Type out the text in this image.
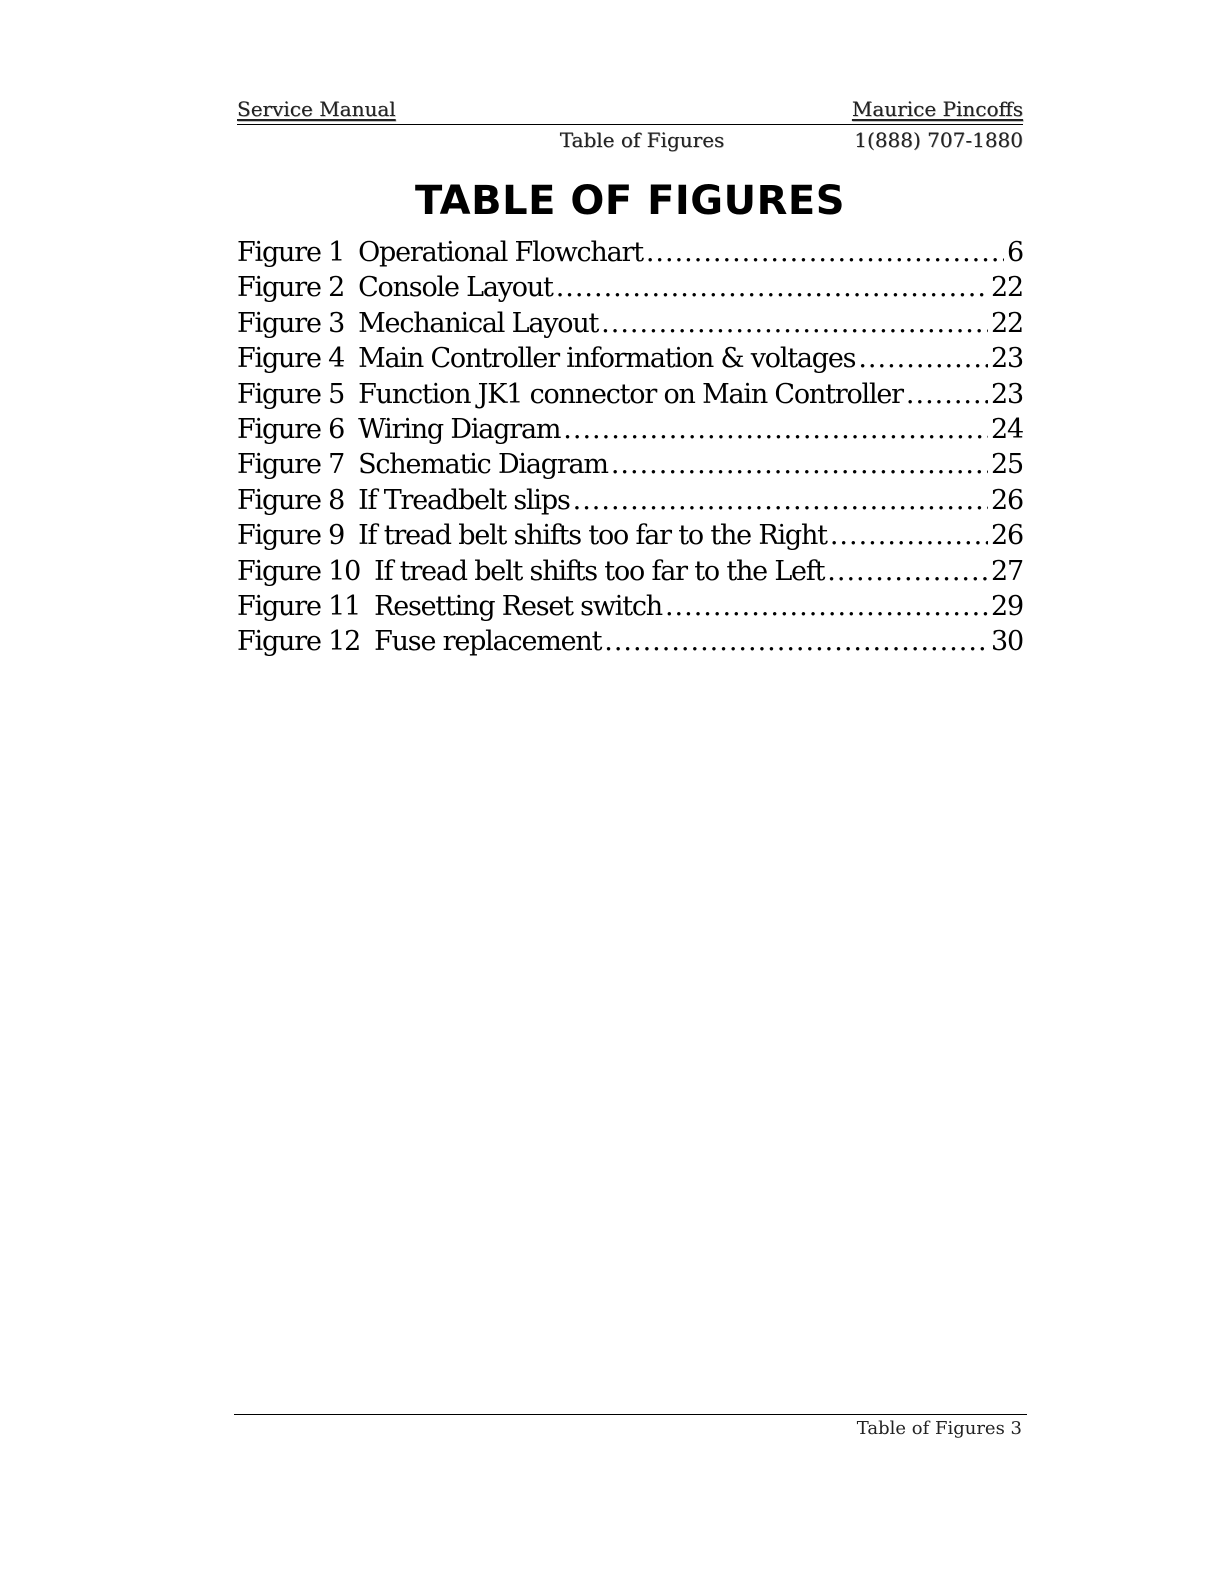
Service Manual	Maurice Pincoffs
Table of Figures	1(888) 707-1880
TABLE OF FIGURES
Figure 1 Operational Flowchart .....	6
Figure 2 Console Layout .....	22
Figure 3 Mechanical Layout .....	22
Figure 4 Main Controller information & voltages .....	23
Figure 5 Function JK1 connector on Main Controller .....	23
Figure 6 Wiring Diagram .....	24
Figure 7 Schematic Diagram .....	25
Figure 8 If Treadbelt slips .....	26
Figure 9 If tread belt shifts too far to the Right .....	26
Figure 10 If tread belt shifts too far to the Left .....	27
Figure 11 Resetting Reset switch .....	29
Figure 12 Fuse replacement .....	30
Table of Figures 3
